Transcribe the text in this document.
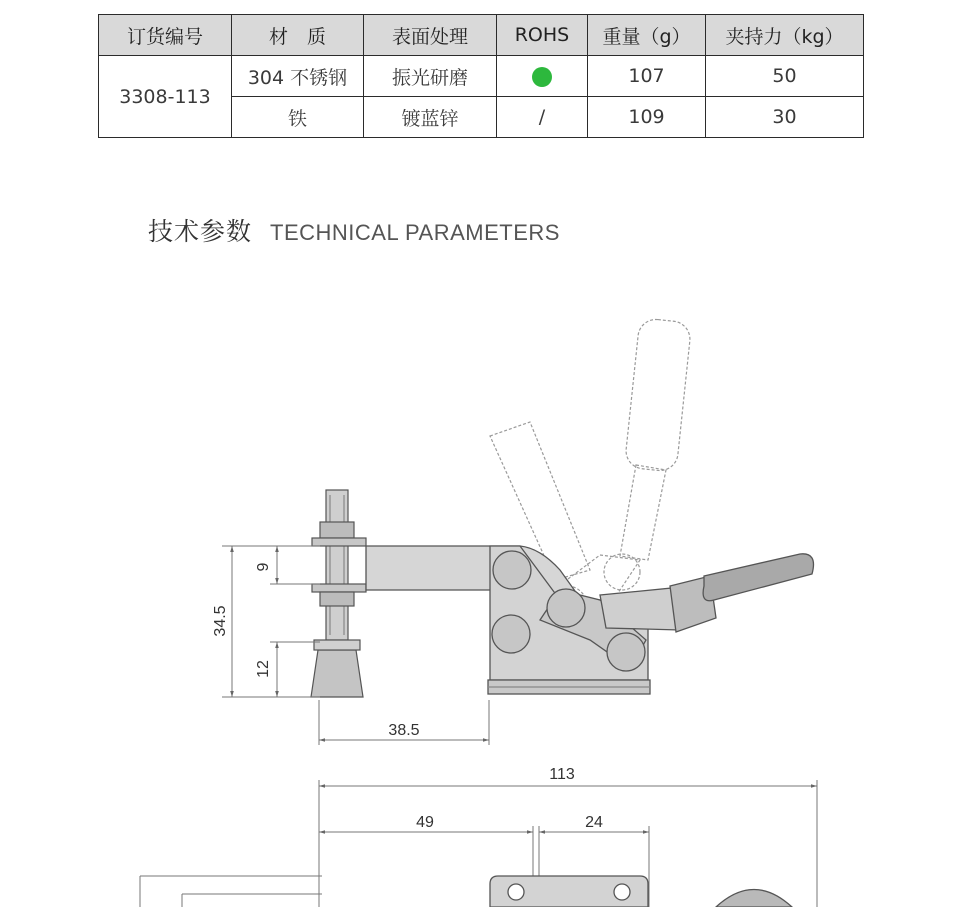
订货编号	材　质	表面处理	ROHS	重量（g）	夹持力（kg）
3308-113	304 不锈钢	振光研磨		107	50
	铁	镀蓝锌	/	109	30
技术参数 TECHNICAL PARAMETERS
34.5
9
12
38.5
113
49	24
